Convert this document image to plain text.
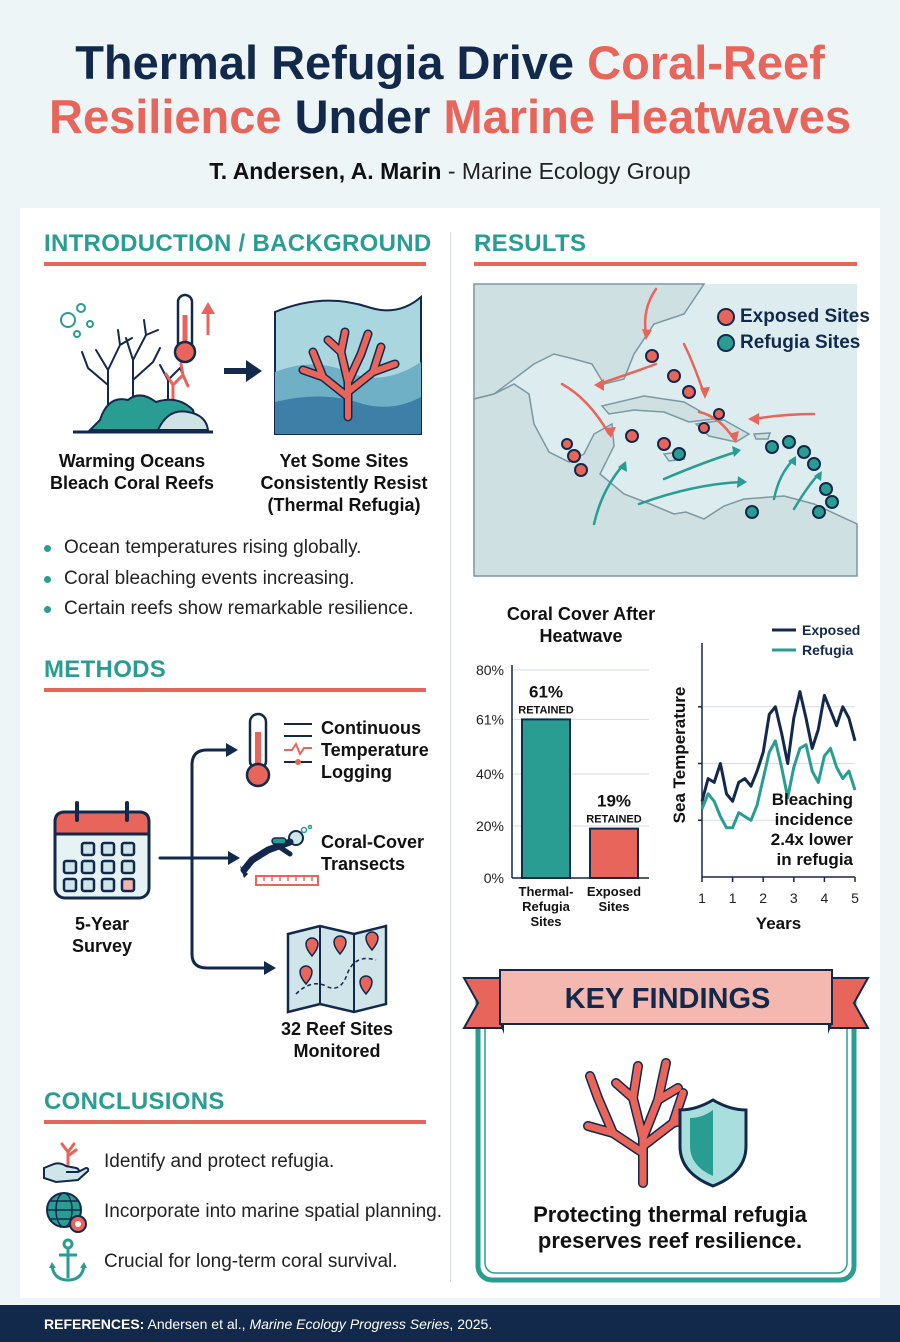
Thermal Refugia Drive Coral-Reef
Resilience Under Marine Heatwaves
T. Andersen, A. Marin - Marine Ecology Group
INTRODUCTION / BACKGROUND
Warming Oceans
Bleach Coral Reefs
Yet Some Sites
Consistently Resist
(Thermal Refugia)
Ocean temperatures rising globally.
Coral bleaching events increasing.
Certain reefs show remarkable resilience.
METHODS
5-Year
Survey
Continuous
Temperature
Logging
Coral-Cover
Transects
32 Reef Sites
Monitored
CONCLUSIONS
Identify and protect refugia.
Incorporate into marine spatial planning.
Crucial for long-term coral survival.
RESULTS
Exposed Sites
Refugia Sites
Coral Cover After
Heatwave
0%
20%
40%
61%
80%
61%
RETAINED
Thermal-Refugia Sites
19%
RETAINED
Exposed Sites
Sea Temperature
1 1 2 3 4 5
Years
Exposed
Refugia
Bleaching incidence 2.4x lower in refugia
KEY FINDINGS
Protecting thermal refugia
preserves reef resilience.
REFERENCES: Andersen et al., Marine Ecology Progress Series, 2025.
